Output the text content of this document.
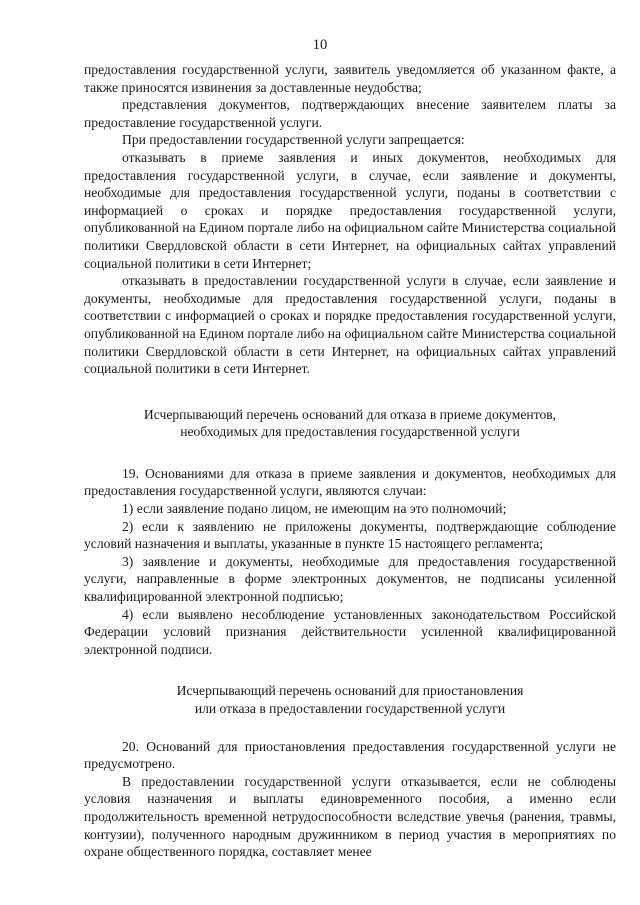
10

предоставления государственной услуги, заявитель уведомляется об указанном факте, а также приносятся извинения за доставленные неудобства;

представления документов, подтверждающих внесение заявителем платы за предоставление государственной услуги.

При предоставлении государственной услуги запрещается:

отказывать в приеме заявления и иных документов, необходимых для предоставления государственной услуги, в случае, если заявление и документы, необходимые для предоставления государственной услуги, поданы в соответствии с информацией о сроках и порядке предоставления государственной услуги, опубликованной на Едином портале либо на официальном сайте Министерства социальной политики Свердловской области в сети Интернет, на официальных сайтах управлений социальной политики в сети Интернет;

отказывать в предоставлении государственной услуги в случае, если заявление и документы, необходимые для предоставления государственной услуги, поданы в соответствии с информацией о сроках и порядке предоставления государственной услуги, опубликованной на Едином портале либо на официальном сайте Министерства социальной политики Свердловской области в сети Интернет, на официальных сайтах управлений социальной политики в сети Интернет.

Исчерпывающий перечень оснований для отказа в приеме документов,
необходимых для предоставления государственной услуги

19. Основаниями для отказа в приеме заявления и документов, необходимых для предоставления государственной услуги, являются случаи:

1) если заявление подано лицом, не имеющим на это полномочий;

2) если к заявлению не приложены документы, подтверждающие соблюдение условий назначения и выплаты, указанные в пункте 15 настоящего регламента;

3) заявление и документы, необходимые для предоставления государственной услуги, направленные в форме электронных документов, не подписаны усиленной квалифицированной электронной подписью;

4) если выявлено несоблюдение установленных законодательством Российской Федерации условий признания действительности усиленной квалифицированной электронной подписи.

Исчерпывающий перечень оснований для приостановления
или отказа в предоставлении государственной услуги

20. Оснований для приостановления предоставления государственной услуги не предусмотрено.

В предоставлении государственной услуги отказывается, если не соблюдены условия назначения и выплаты единовременного пособия, а именно если продолжительность временной нетрудоспособности вследствие увечья (ранения, травмы, контузии), полученного народным дружинником в период участия в мероприятиях по охране общественного порядка, составляет менее
